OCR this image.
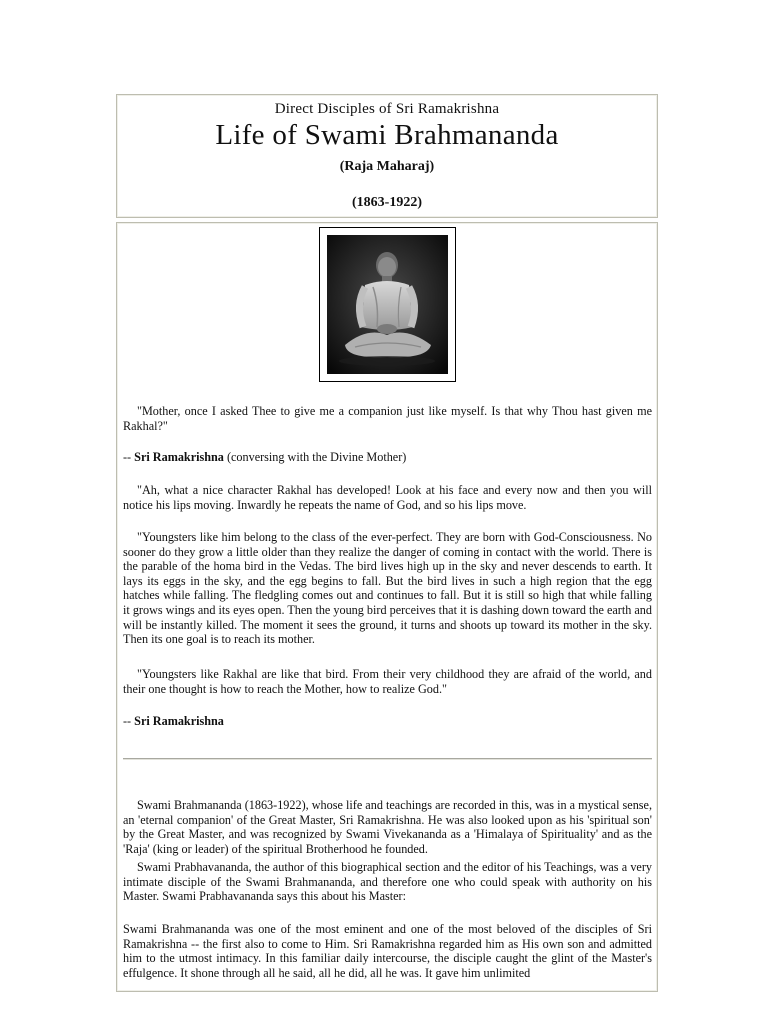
Direct Disciples of Sri Ramakrishna
Life of Swami Brahmananda
(Raja Maharaj)
(1863-1922)
"Mother, once I asked Thee to give me a companion just like myself. Is that why Thou hast given me Rakhal?"
-- Sri Ramakrishna (conversing with the Divine Mother)
"Ah, what a nice character Rakhal has developed! Look at his face and every now and then you will notice his lips moving. Inwardly he repeats the name of God, and so his lips move.
"Youngsters like him belong to the class of the ever-perfect. They are born with God-Consciousness. No sooner do they grow a little older than they realize the danger of coming in contact with the world. There is the parable of the homa bird in the Vedas. The bird lives high up in the sky and never descends to earth. It lays its eggs in the sky, and the egg begins to fall. But the bird lives in such a high region that the egg hatches while falling. The fledgling comes out and continues to fall. But it is still so high that while falling it grows wings and its eyes open. Then the young bird perceives that it is dashing down toward the earth and will be instantly killed. The moment it sees the ground, it turns and shoots up toward its mother in the sky. Then its one goal is to reach its mother.
"Youngsters like Rakhal are like that bird. From their very childhood they are afraid of the world, and their one thought is how to reach the Mother, how to realize God."
-- Sri Ramakrishna
Swami Brahmananda (1863-1922), whose life and teachings are recorded in this, was in a mystical sense, an 'eternal companion' of the Great Master, Sri Ramakrishna. He was also looked upon as his 'spiritual son' by the Great Master, and was recognized by Swami Vivekananda as a 'Himalaya of Spirituality' and as the 'Raja' (king or leader) of the spiritual Brotherhood he founded.
Swami Prabhavananda, the author of this biographical section and the editor of his Teachings, was a very intimate disciple of the Swami Brahmananda, and therefore one who could speak with authority on his Master. Swami Prabhavananda says this about his Master:
Swami Brahmananda was one of the most eminent and one of the most beloved of the disciples of Sri Ramakrishna -- the first also to come to Him. Sri Ramakrishna regarded him as His own son and admitted him to the utmost intimacy. In this familiar daily intercourse, the disciple caught the glint of the Master's effulgence. It shone through all he said, all he did, all he was. It gave him unlimited
